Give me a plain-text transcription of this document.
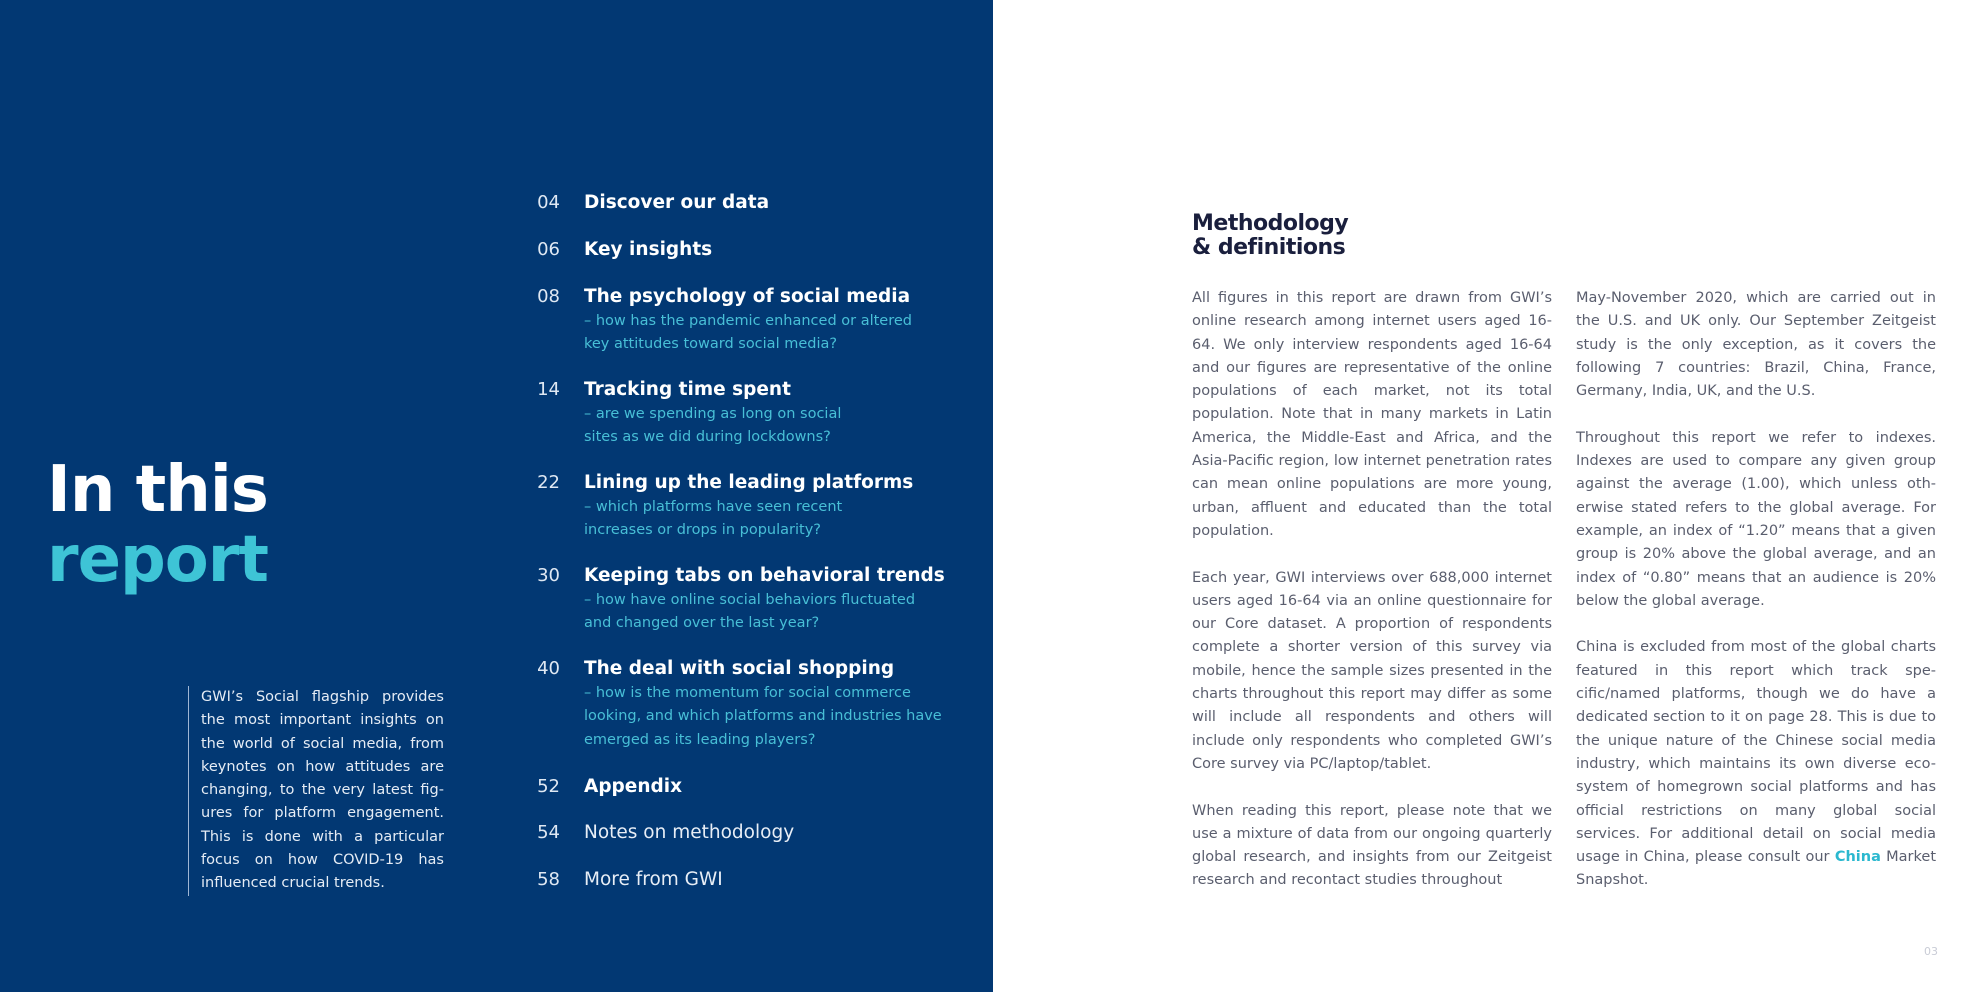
In this
report
GWI’s Social flagship provides the most important insights on the world of social media, from keynotes on how attitudes are changing, to the very latest fig- ures for platform engagement. This is done with a particular focus on how COVID-19 has influenced crucial trends.
04 Discover our data
06 Key insights
08 The psychology of social media
– how has the pandemic enhanced or altered key attitudes toward social media?
14 Tracking time spent
– are we spending as long on social sites as we did during lockdowns?
22 Lining up the leading platforms
– which platforms have seen recent increases or drops in popularity?
30 Keeping tabs on behavioral trends
– how have online social behaviors fluctuated and changed over the last year?
40 The deal with social shopping
– how is the momentum for social commerce looking, and which platforms and industries have emerged as its leading players?
52 Appendix
54 Notes on methodology
58 More from GWI
Methodology
& definitions

All figures in this report are drawn from GWI’s online research among internet users aged 16-64. We only interview respondents aged 16-64 and our figures are representative of the online populations of each market, not its total population. Note that in many markets in Latin America, the Middle-East and Africa, and the Asia-Pacific region, low internet penetration rates can mean online populations are more young, urban, affluent and educated than the total population.

Each year, GWI interviews over 688,000 internet users aged 16-64 via an online questionnaire for our Core dataset. A proportion of respondents complete a shorter version of this survey via mobile, hence the sample sizes presented in the charts throughout this report may differ as some will include all respondents and others will include only respondents who completed GWI’s Core survey via PC/laptop/tablet.

When reading this report, please note that we use a mixture of data from our ongoing quarterly global research, and insights from our Zeitgeist research and recontact studies throughout

May-November 2020, which are carried out in the U.S. and UK only. Our September Zeitgeist study is the only exception, as it covers the following 7 countries: Brazil, China, France, Germany, India, UK, and the U.S.

Throughout this report we refer to indexes. Indexes are used to compare any given group against the average (1.00), which unless oth- erwise stated refers to the global average. For example, an index of “1.20” means that a given group is 20% above the global average, and an index of “0.80” means that an audience is 20% below the global average.

China is excluded from most of the global charts featured in this report which track spe- cific/named platforms, though we do have a dedicated section to it on page 28. This is due to the unique nature of the Chinese social media industry, which maintains its own diverse eco- system of homegrown social platforms and has official restrictions on many global social services. For additional detail on social media usage in China, please consult our China Market Snapshot.

03
